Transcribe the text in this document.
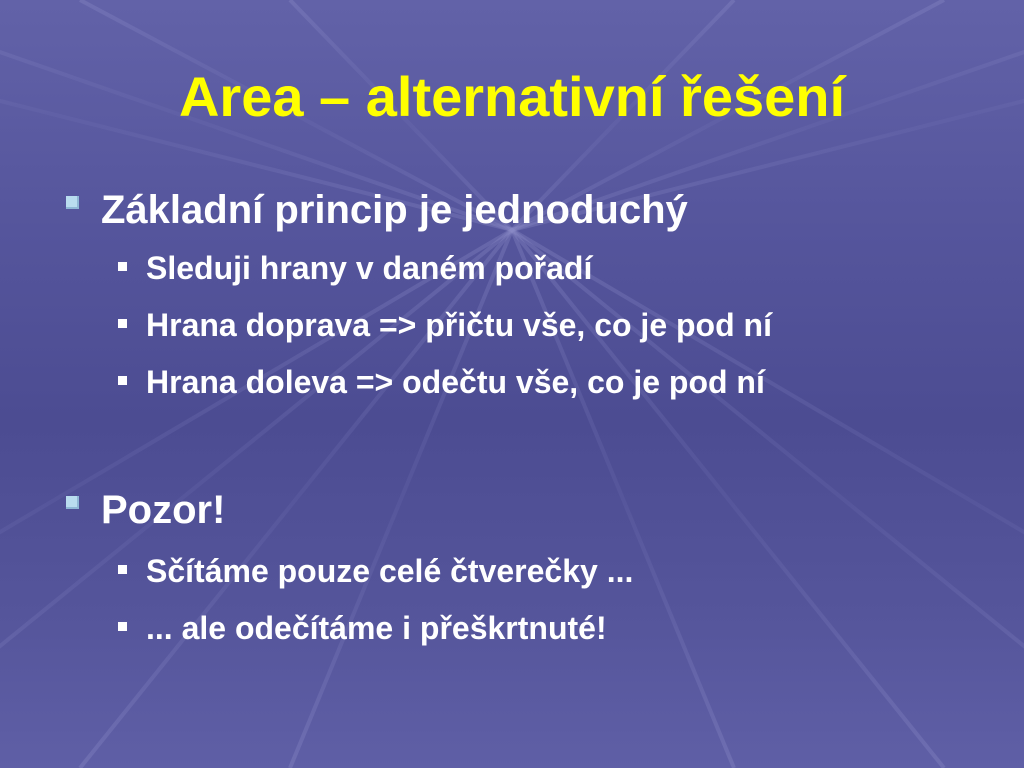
Area – alternativní řešení
Základní princip je jednoduchý
Sleduji hrany v daném pořadí
Hrana doprava => přičtu vše, co je pod ní
Hrana doleva => odečtu vše, co je pod ní
Pozor!
Sčítáme pouze celé čtverečky ...
... ale odečítáme i přeškrtnuté!
